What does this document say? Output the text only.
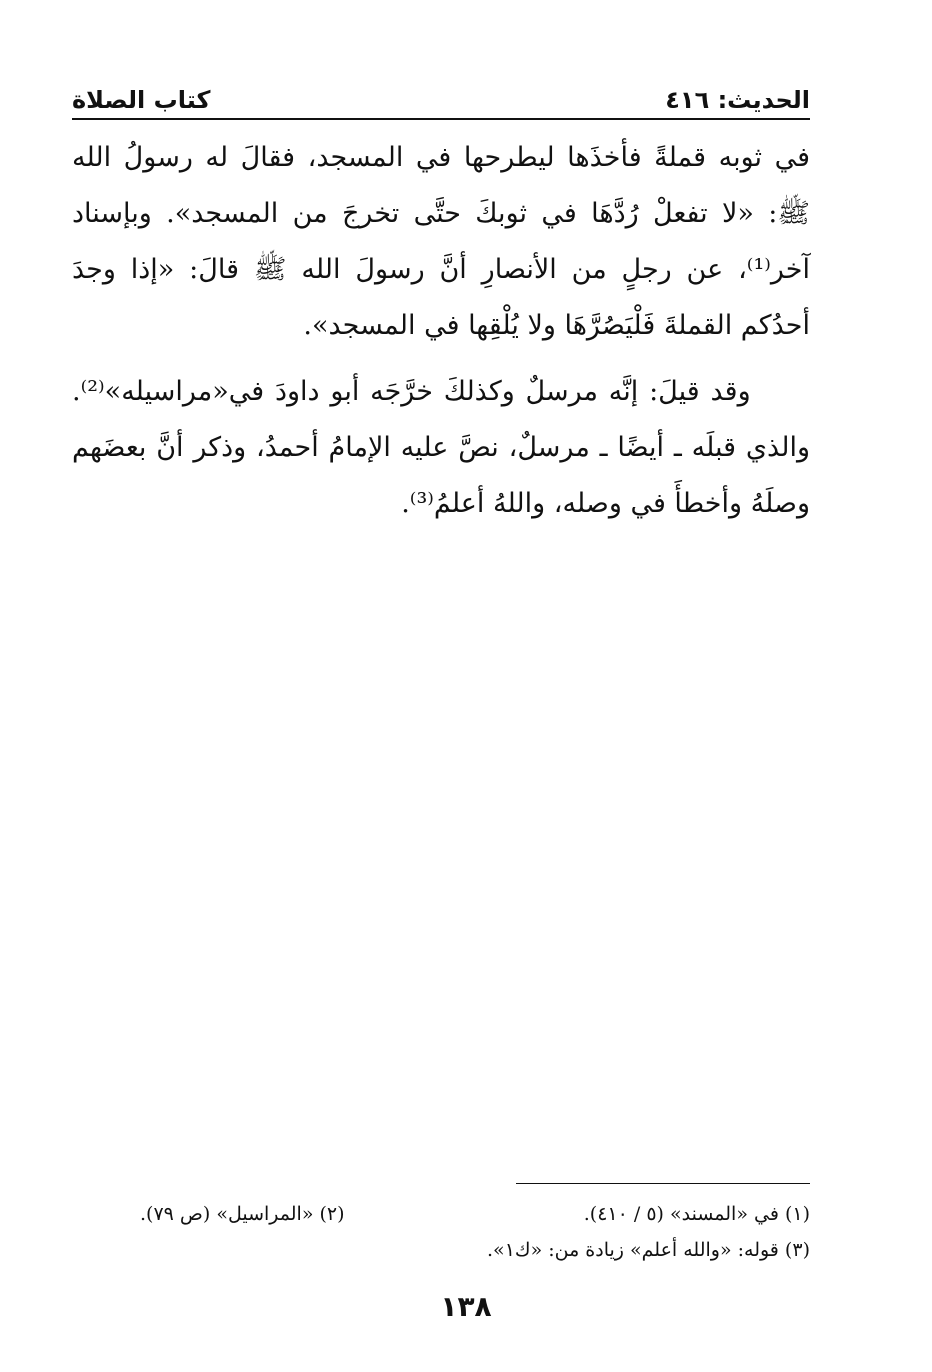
الحديث: ٤١٦
كتاب الصلاة

في ثوبه قملةً فأخذَها ليطرحها في المسجد، فقالَ له رسولُ الله ﷺ: «لا تفعلْ رُدَّهَا في ثوبكَ حتَّى تخرجَ من المسجد». وبإسناد آخر⁽¹⁾، عن رجلٍ من الأنصارِ أنَّ رسولَ الله ﷺ قالَ: «إذا وجدَ أحدُكم القملةَ فَلْيَصُرَّهَا ولا يُلْقِها في المسجد».

وقد قيلَ: إنَّه مرسلٌ وكذلكَ خرَّجَه أبو داودَ في«مراسيله»⁽²⁾. والذي قبلَه ـ أيضًا ـ مرسلٌ، نصَّ عليه الإمامُ أحمدُ، وذكر أنَّ بعضَهم وصلَهُ وأخطأَ في وصله، واللهُ أعلمُ⁽³⁾.

(١) في «المسند» (٥ / ٤١٠).
(٢) «المراسيل» (ص ٧٩).
(٣) قوله: «والله أعلم» زيادة من: «ك١».
١٣٨
